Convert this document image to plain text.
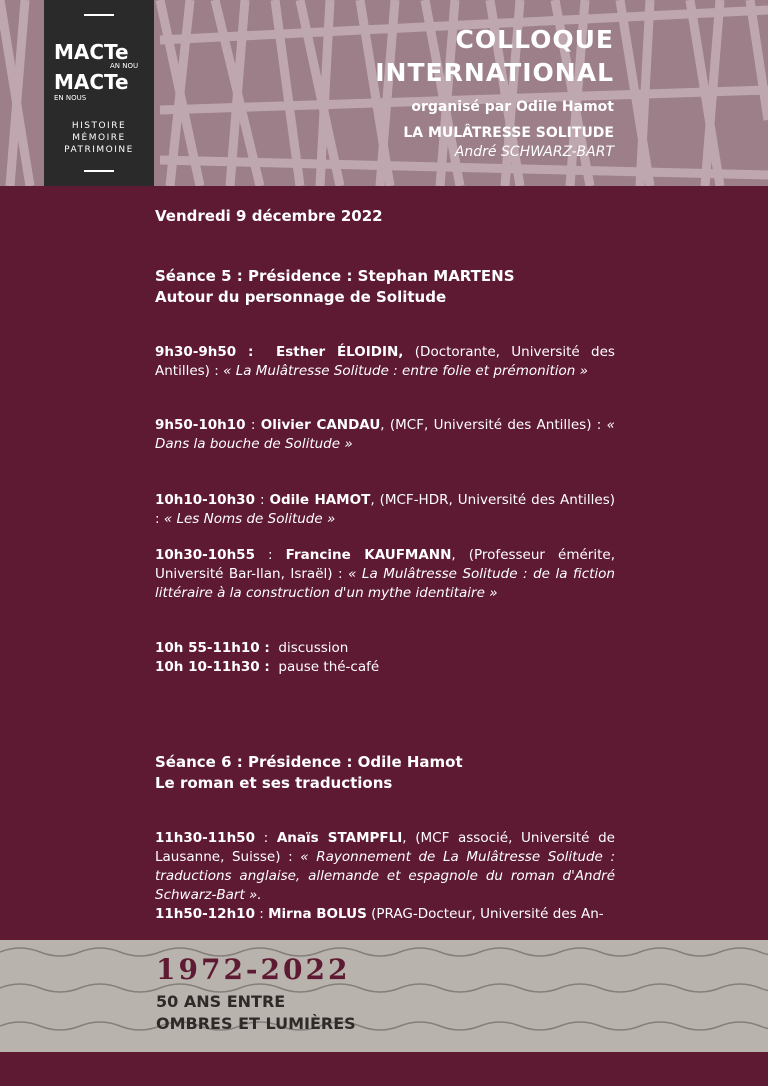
MACTe
AN NOU
MACTe
EN NOUS
HISTOIRE
MÉMOIRE
PATRIMOINE
COLLOQUE
INTERNATIONAL
organisé par Odile Hamot
LA MULÂTRESSE SOLITUDE
André SCHWARZ-BART
Vendredi 9 décembre 2022
Séance 5 : Présidence : Stephan MARTENS
Autour du personnage de Solitude
9h30-9h50 : Esther ÉLOIDIN, (Doctorante, Université des Antilles) : « La Mulâtresse Solitude : entre folie et prémonition »
9h50-10h10 : Olivier CANDAU, (MCF, Université des Antilles) : « Dans la bouche de Solitude »
10h10-10h30 : Odile HAMOT, (MCF-HDR, Université des Antilles) : « Les Noms de Solitude »
10h30-10h55 : Francine KAUFMANN, (Professeur émérite, Université Bar-Ilan, Israël) : « La Mulâtresse Solitude : de la fiction littéraire à la construction d'un mythe identitaire »
10h 55-11h10 : discussion
10h 10-11h30 : pause thé-café
Séance 6 : Présidence : Odile Hamot
Le roman et ses traductions
11h30-11h50 : Anaïs STAMPFLI, (MCF associé, Université de Lausanne, Suisse) : « Rayonnement de La Mulâtresse Solitude : traductions anglaise, allemande et espagnole du roman d'André Schwarz-Bart ».
11h50-12h10 : Mirna BOLUS (PRAG-Docteur, Université des An-
1972-2022
50 ANS ENTRE
OMBRES ET LUMIÈRES
